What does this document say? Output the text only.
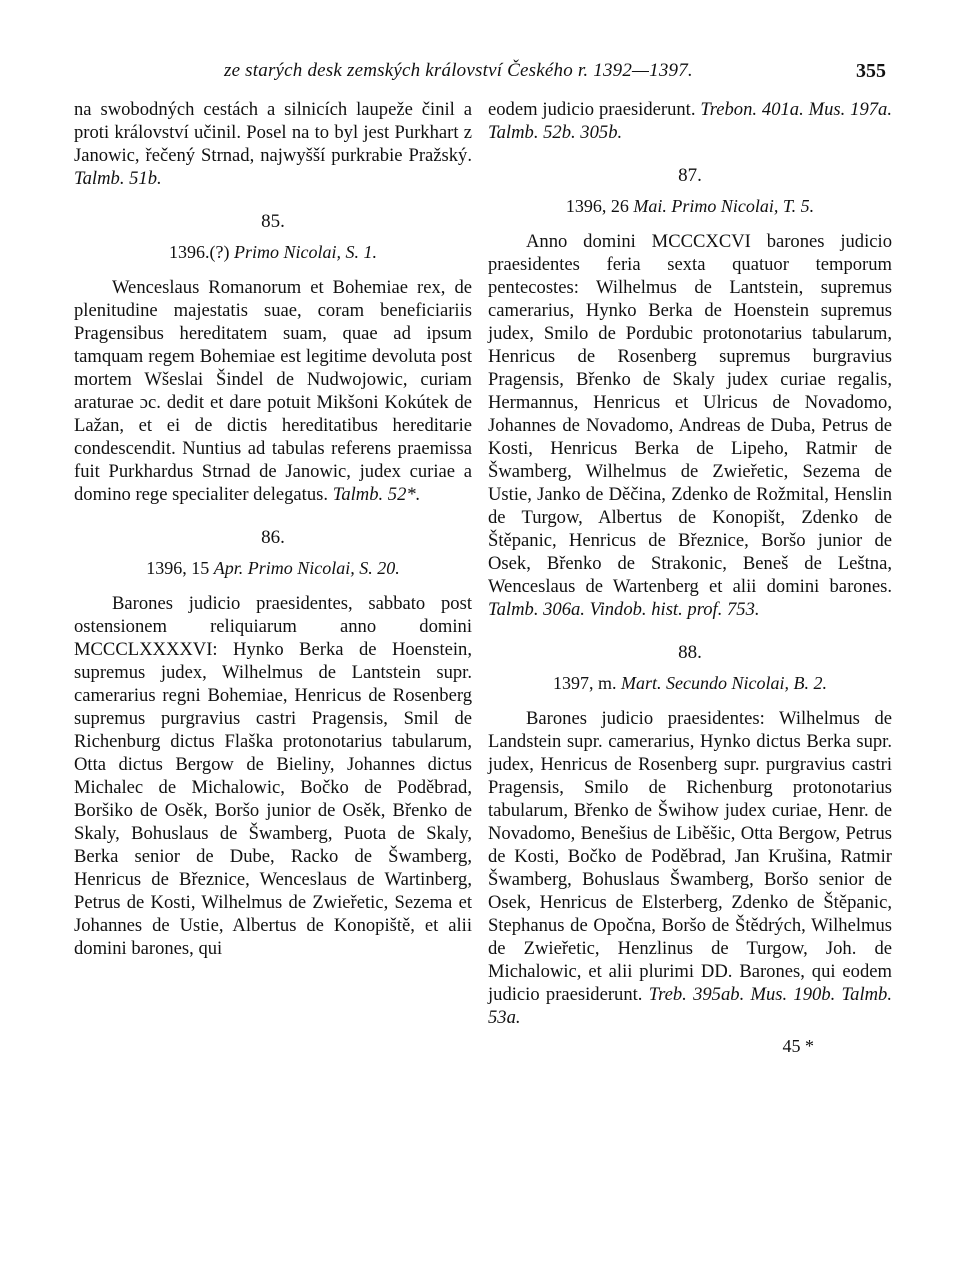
ze starých desk zemských království Českého r. 1392—1397.	355

na swobodných cestách a silnicích laupeže činil a proti království učinil. Posel na to byl jest Purkhart z Janowic, řečený Strnad, najwyšší purkrabie Pražský. Talmb. 51b.

85.
1396.(?) Primo Nicolai, S. 1.

Wenceslaus Romanorum et Bohemiae rex, de plenitudine majestatis suae, coram beneficiariis Pragensibus hereditatem suam, quae ad ipsum tamquam regem Bohemiae est legitime devoluta post mortem Wšeslai Šindel de Nudwojowic, curiam araturae ɔc. dedit et dare potuit Mikšoni Kokútek de Lažan, et ei de dictis hereditatibus hereditarie condescendit. Nuntius ad tabulas referens praemissa fuit Purkhardus Strnad de Janowic, judex curiae a domino rege specialiter delegatus. Talmb. 52*.

86.
1396, 15 Apr. Primo Nicolai, S. 20.

Barones judicio praesidentes, sabbato post ostensionem reliquiarum anno domini MCCCLXXXXVI: Hynko Berka de Hoenstein, supremus judex, Wilhelmus de Lantstein supr. camerarius regni Bohemiae, Henricus de Rosenberg supremus purgravius castri Pragensis, Smil de Richenburg dictus Flaška protonotarius tabularum, Otta dictus Bergow de Bieliny, Johannes dictus Michalec de Michalowic, Bočko de Poděbrad, Boršiko de Osěk, Boršo junior de Osěk, Břenko de Skaly, Bohuslaus de Šwamberg, Puota de Skaly, Berka senior de Dube, Racko de Šwamberg, Henricus de Březnice, Wenceslaus de Wartinberg, Petrus de Kosti, Wilhelmus de Zwieřetic, Sezema et Johannes de Ustie, Albertus de Konopiště, et alii domini barones, qui

eodem judicio praesiderunt. Trebon. 401a. Mus. 197a. Talmb. 52b. 305b.

87.
1396, 26 Mai. Primo Nicolai, T. 5.

Anno domini MCCCXCVI barones judicio praesidentes feria sexta quatuor temporum pentecostes: Wilhelmus de Lantstein, supremus camerarius, Hynko Berka de Hoenstein supremus judex, Smilo de Pordubic protonotarius tabularum, Henricus de Rosenberg supremus burgravius Pragensis, Břenko de Skaly judex curiae regalis, Hermannus, Henricus et Ulricus de Novadomo, Johannes de Novadomo, Andreas de Duba, Petrus de Kosti, Henricus Berka de Lipeho, Ratmir de Šwamberg, Wilhelmus de Zwieřetic, Sezema de Ustie, Janko de Děčina, Zdenko de Rožmital, Henslin de Turgow, Albertus de Konopišt, Zdenko de Štěpanic, Henricus de Březnice, Boršo junior de Osek, Břenko de Strakonic, Beneš de Leštna, Wenceslaus de Wartenberg et alii domini barones. Talmb. 306a. Vindob. hist. prof. 753.

88.
1397, m. Mart. Secundo Nicolai, B. 2.

Barones judicio praesidentes: Wilhelmus de Landstein supr. camerarius, Hynko dictus Berka supr. judex, Henricus de Rosenberg supr. purgravius castri Pragensis, Smilo de Richenburg protonotarius tabularum, Břenko de Šwihow judex curiae, Henr. de Novadomo, Benešius de Liběšic, Otta Bergow, Petrus de Kosti, Bočko de Poděbrad, Jan Krušina, Ratmir Šwamberg, Bohuslaus Šwamberg, Boršo senior de Osek, Henricus de Elsterberg, Zdenko de Štěpanic, Stephanus de Opočna, Boršo de Štědrých, Wilhelmus de Zwieřetic, Henzlinus de Turgow, Joh. de Michalowic, et alii plurimi DD. Barones, qui eodem judicio praesiderunt. Treb. 395ab. Mus. 190b. Talmb. 53a.

45 *
